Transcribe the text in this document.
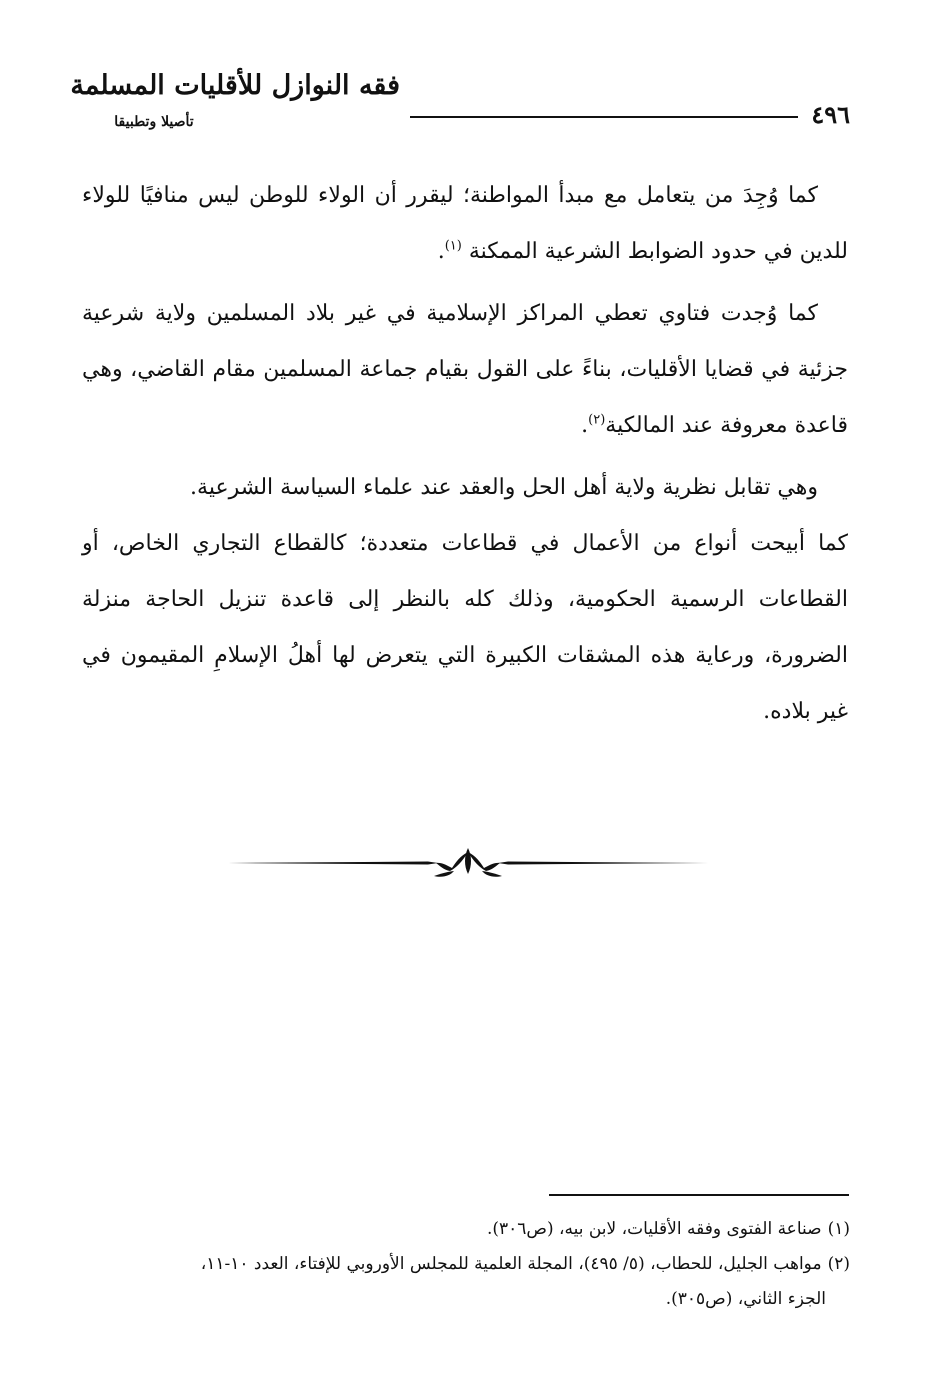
٤٩٦
فقه النوازل للأقليات المسلمة
تأصيلا وتطبيقا

كما وُجِدَ من يتعامل مع مبدأ المواطنة؛ ليقرر أن الولاء للوطن ليس منافيًا للولاء للدين في حدود الضوابط الشرعية الممكنة $^{(١)}$.

كما وُجدت فتاوي تعطي المراكز الإسلامية في غير بلاد المسلمين ولاية شرعية جزئية في قضايا الأقليات، بناءً على القول بقيام جماعة المسلمين مقام القاضي، وهي قاعدة معروفة عند المالكية$^{(٢)}$.

وهي تقابل نظرية ولاية أهل الحل والعقد عند علماء السياسة الشرعية.

كما أبيحت أنواع من الأعمال في قطاعات متعددة؛ كالقطاع التجاري الخاص، أو القطاعات الرسمية الحكومية، وذلك كله بالنظر إلى قاعدة تنزيل الحاجة منزلة الضرورة، ورعاية هذه المشقات الكبيرة التي يتعرض لها أهلُ الإسلامِ المقيمون في غير بلاده.

(١)صناعة الفتوى وفقه الأقليات، لابن بيه، (ص٣٠٦).

(٢)مواهب الجليل، للحطاب، (٥/ ٤٩٥)، المجلة العلمية للمجلس الأوروبي للإفتاء، العدد ١٠-١١،

الجزء الثاني، (ص٣٠٥).
